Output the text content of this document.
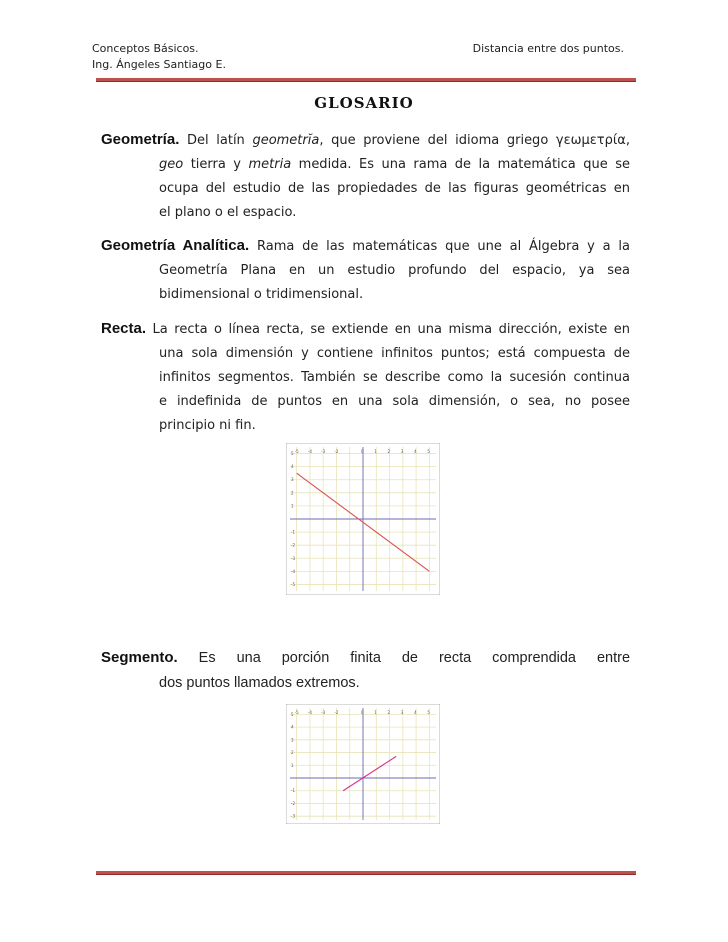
Conceptos Básicos.
Ing. Ángeles Santiago E.
Distancia entre dos puntos.
GLOSARIO
Geometría. Del latín geometrĭa, que proviene del idioma griego γεωμετρία,
geo tierra y metria medida. Es una rama de la matemática que se
ocupa del estudio de las propiedades de las figuras geométricas en
el plano o el espacio.
Geometría Analítica. Rama de las matemáticas que une al Álgebra y a la
Geometría Plana en un estudio profundo del espacio, ya sea
bidimensional o tridimensional.
Recta. La recta o línea recta, se extiende en una misma dirección, existe en
una sola dimensión y contiene infinitos puntos; está compuesta de
infinitos segmentos. También se describe como la sucesión continua
e indefinida de puntos en una sola dimensión, o sea, no posee
principio ni fin.
Segmento. Es una porción finita de recta comprendida entre
dos puntos llamados extremos.
-5 -4 -3 -2	0	1	2	3	4	5
5
4
3
2
1
-1
-2
-3
-4
-5
-5 -4 -3 -2	0	1	2	3	4	5
5
4
3
2
1
-1
-2
-3
